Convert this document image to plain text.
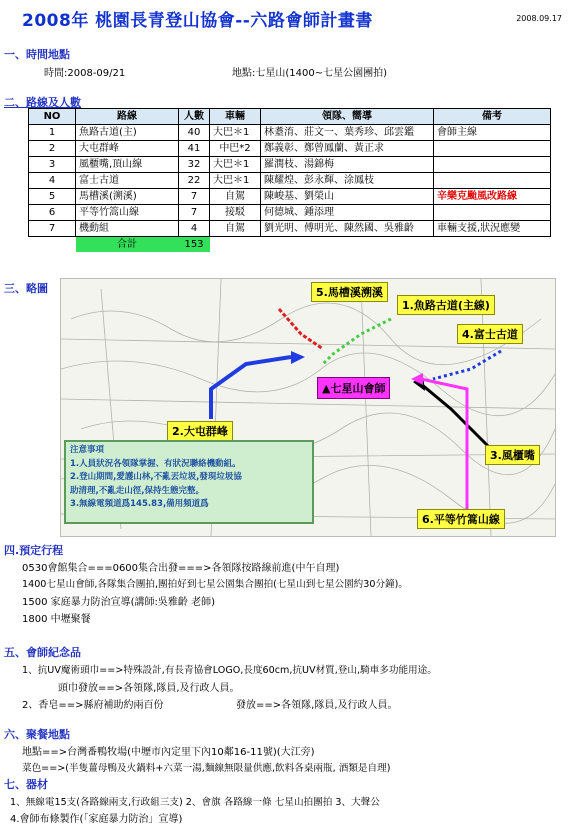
2008年 桃園長青登山協會--六路會師計畫書	2008.09.17
一、時間地點
時間:2008-09/21	地點:七星山(1400~七星公園團拍)
二、路線及人數
NO	路線	人數	車輛	領隊、嚮導	備考
1	魚路古道(主)	40	大巴＊1	林耋淯、莊文一、葉秀珍、邱雲鑑	會師主線
2	大屯群峰	41	中巴*2	鄭義彰、鄭曾鳳蘭、黃正求	
3	風櫃嘴,頂山線	32	大巴＊1	羅潤枝、湯錦梅	
4	富士古道	22	大巴＊1	陳耀煌、彭永輝、涂鳳枝	
5	馬槽溪(溯溪)	7	自駕	陳峻基、劉榮山	辛樂克颱風改路線
6	平等竹篙山線	7	接駁	何德城、鍾添理	
7	機動組	4	自駕	劉光明、傅明光、陳然國、吳雅齡	車輛支援,狀況應變
	合計	153			
三、略圖	5.馬槽溪溯溪
1.魚路古道(主線)
4.富士古道
▲七星山會師
2.大屯群峰
3.風櫃嘴
6.平等竹篙山線
注意事項
1.人員狀況各領隊掌握、有狀況聯絡機動組。
2.登山期間,愛護山林,不亂丟垃圾,發現垃圾協
助清理,不亂走山徑,保持生態完整。
3.無線電頻道爲145.83,備用頻道爲
四.預定行程
0530會館集合===0600集合出發===>各領隊按路線前進(中午自理)
1400七星山會師,各隊集合團拍,團拍好到七星公園集合團拍(七星山到七星公園約30分鐘)。
1500 家庭暴力防治宣導(講師:吳雅齡 老師)
1800 中壢聚餐
五、會師紀念品
1、抗UV魔術頭巾==>特殊設計,有長青協會LOGO,長度60cm,抗UV材質,登山,騎車多功能用途。
頭巾發放==>各領隊,隊員,及行政人員。
2、香皂==>縣府補助約兩百份	發放==>各領隊,隊員,及行政人員。
六、聚餐地點
地點==>台灣番鴨牧場(中壢市內定里下內10鄰16-11號)(大江旁)
菜色==>(半隻薑母鴨及火鍋料+六菜一湯,麵線無限量供應,飲料各桌兩瓶, 酒類是自理)
七、器材
1、無線電15支(各路線兩支,行政組三支) 2、會旗 各路線一條 七星山拍團拍 3、大聲公
4.會師布條製作(「家庭暴力防治」宣導)
